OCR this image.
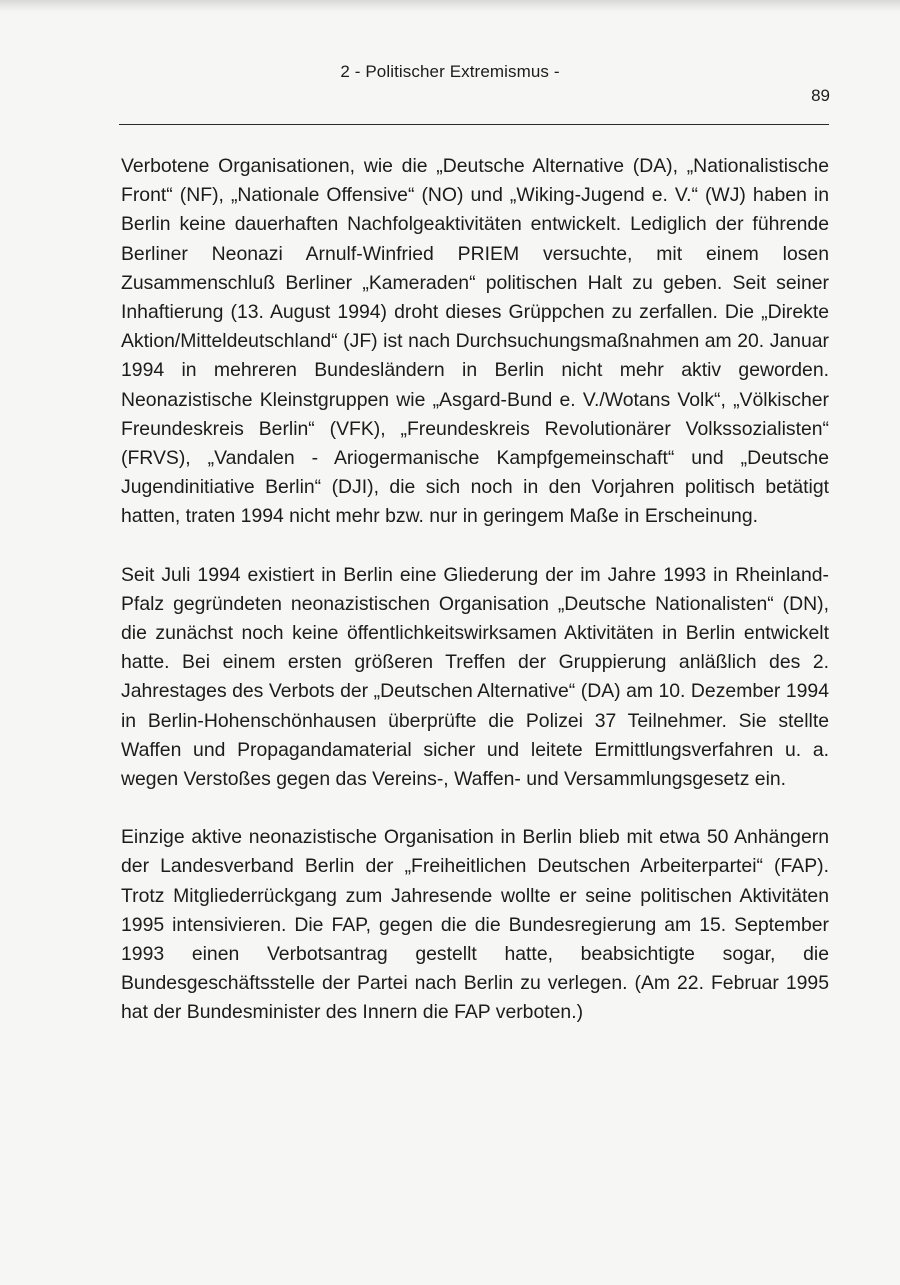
2 - Politischer Extremismus -
89

Verbotene Organisationen, wie die „Deutsche Alternative (DA), „Nationalistische Front“ (NF), „Nationale Offensive“ (NO) und „Wiking-Jugend e. V.“ (WJ) haben in Berlin keine dauerhaften Nachfolgeaktivitäten entwickelt. Lediglich der führende Berliner Neonazi Arnulf-Winfried PRIEM versuchte, mit einem losen Zusammenschluß Berliner „Kameraden“ politischen Halt zu geben. Seit seiner Inhaftierung (13. August 1994) droht dieses Grüppchen zu zerfallen. Die „Direkte Aktion/Mitteldeutschland“ (JF) ist nach Durchsuchungsmaßnahmen am 20. Januar 1994 in mehreren Bundesländern in Berlin nicht mehr aktiv geworden. Neonazistische Kleinstgruppen wie „Asgard-Bund e. V./Wotans Volk“, „Völkischer Freundeskreis Berlin“ (VFK), „Freundeskreis Revolutionärer Volkssozialisten“ (FRVS), „Vandalen - Ariogermanische Kampfgemeinschaft“ und „Deutsche Jugendinitiative Berlin“ (DJI), die sich noch in den Vorjahren politisch betätigt hatten, traten 1994 nicht mehr bzw. nur in geringem Maße in Erscheinung.

Seit Juli 1994 existiert in Berlin eine Gliederung der im Jahre 1993 in Rheinland-Pfalz gegründeten neonazistischen Organisation „Deutsche Nationalisten“ (DN), die zunächst noch keine öffentlichkeitswirksamen Aktivitäten in Berlin entwickelt hatte. Bei einem ersten größeren Treffen der Gruppierung anläßlich des 2. Jahrestages des Verbots der „Deutschen Alternative“ (DA) am 10. Dezember 1994 in Berlin-Hohenschönhausen überprüfte die Polizei 37 Teilnehmer. Sie stellte Waffen und Propagandamaterial sicher und leitete Ermittlungsverfahren u. a. wegen Verstoßes gegen das Vereins-, Waffen- und Versammlungsgesetz ein.

Einzige aktive neonazistische Organisation in Berlin blieb mit etwa 50 Anhängern der Landesverband Berlin der „Freiheitlichen Deutschen Arbeiterpartei“ (FAP). Trotz Mitgliederrückgang zum Jahresende wollte er seine politischen Aktivitäten 1995 intensivieren. Die FAP, gegen die die Bundesregierung am 15. September 1993 einen Verbotsantrag gestellt hatte, beabsichtigte sogar, die Bundesgeschäftsstelle der Partei nach Berlin zu verlegen. (Am 22. Februar 1995 hat der Bundesminister des Innern die FAP verboten.)
